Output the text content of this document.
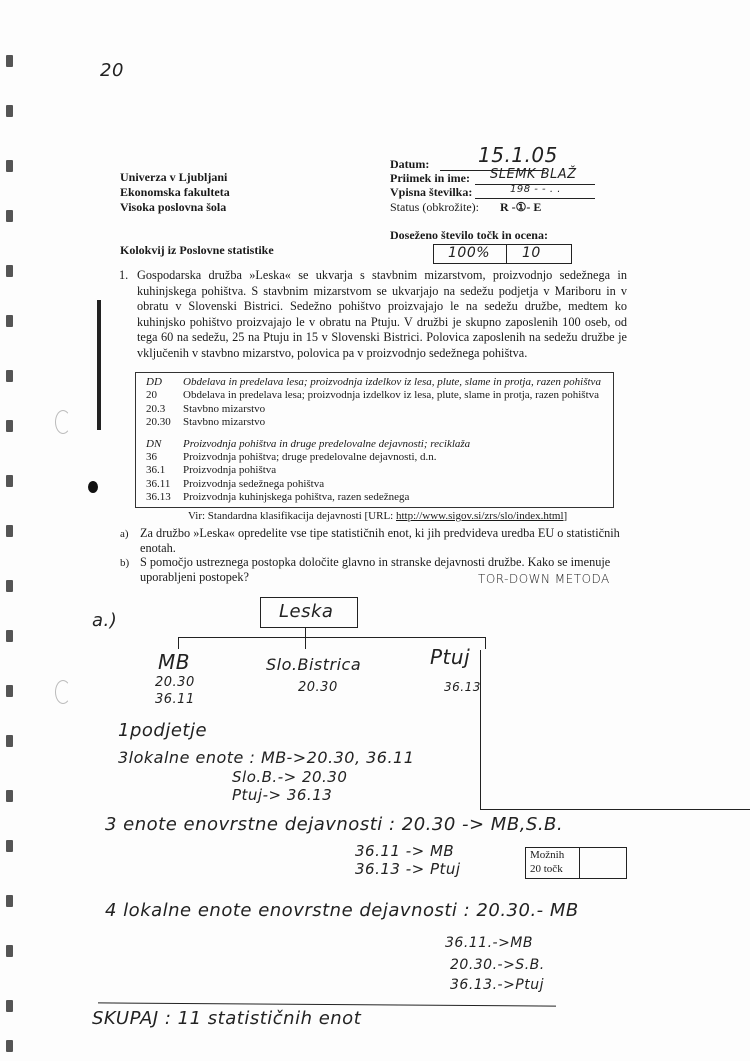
20
Univerza v Ljubljani
Ekonomska fakulteta
Visoka poslovna šola
Kolokvij iz Poslovne statistike
Datum: 15.1.05
Priimek in ime: SLEMK BLAŽ
Vpisna številka:	198 - - . .
Status (obkrožite): R -①- E
Doseženo število točk in ocena:
100% 10
1. Gospodarska družba »Leska« se ukvarja s stavbnim mizarstvom, proizvodnjo sedežnega in kuhinjskega pohištva. S stavbnim mizarstvom se ukvarjajo na sedežu podjetja v Mariboru in v obratu v Slovenski Bistrici. Sedežno pohištvo proizvajajo le na sedežu družbe, medtem ko kuhinjsko pohištvo proizvajajo le v obratu na Ptuju. V družbi je skupno zaposlenih 100 oseb, od tega 60 na sedežu, 25 na Ptuju in 15 v Slovenski Bistrici. Polovica zaposlenih na sedežu družbe je vključenih v stavbno mizarstvo, polovica pa v proizvodnjo sedežnega pohištva.
DD Obdelava in predelava lesa; proizvodnja izdelkov iz lesa, plute, slame in protja, razen pohištva
20 Obdelava in predelava lesa; proizvodnja izdelkov iz lesa, plute, slame in protja, razen pohištva
20.3 Stavbno mizarstvo
20.30 Stavbno mizarstvo
DN Proizvodnja pohištva in druge predelovalne dejavnosti; reciklaža
36 Proizvodnja pohištva; druge predelovalne dejavnosti, d.n.
36.1 Proizvodnja pohištva
36.11 Proizvodnja sedežnega pohištva
36.13 Proizvodnja kuhinjskega pohištva, razen sedežnega
Vir: Standardna klasifikacija dejavnosti [URL: http://www.sigov.si/zrs/slo/index.html]
a) Za družbo »Leska« opredelite vse tipe statističnih enot, ki jih predvideva uredba EU o statističnih
enotah.
b) S pomočjo ustreznega postopka določite glavno in stranske dejavnosti družbe. Kako se imenuje
uporabljeni postopek?	TOR-DOWN METODA
a.)	Leska
MB
20.30
36.11
Slo.Bistrica
20.30
Ptuj
36.13
1podjetje
3lokalne enote : MB->20.30, 36.11
Slo.B.-> 20.30
Ptuj-> 36.13
3 enote enovrstne dejavnosti : 20.30 -> MB,S.B.
36.11 -> MB
36.13 -> Ptuj
Možnih
20 točk
4 lokalne enote enovrstne dejavnosti : 20.30.- MB
36.11.->MB
20.30.->S.B.
36.13.->Ptuj
SKUPAJ : 11 statističnih enot
